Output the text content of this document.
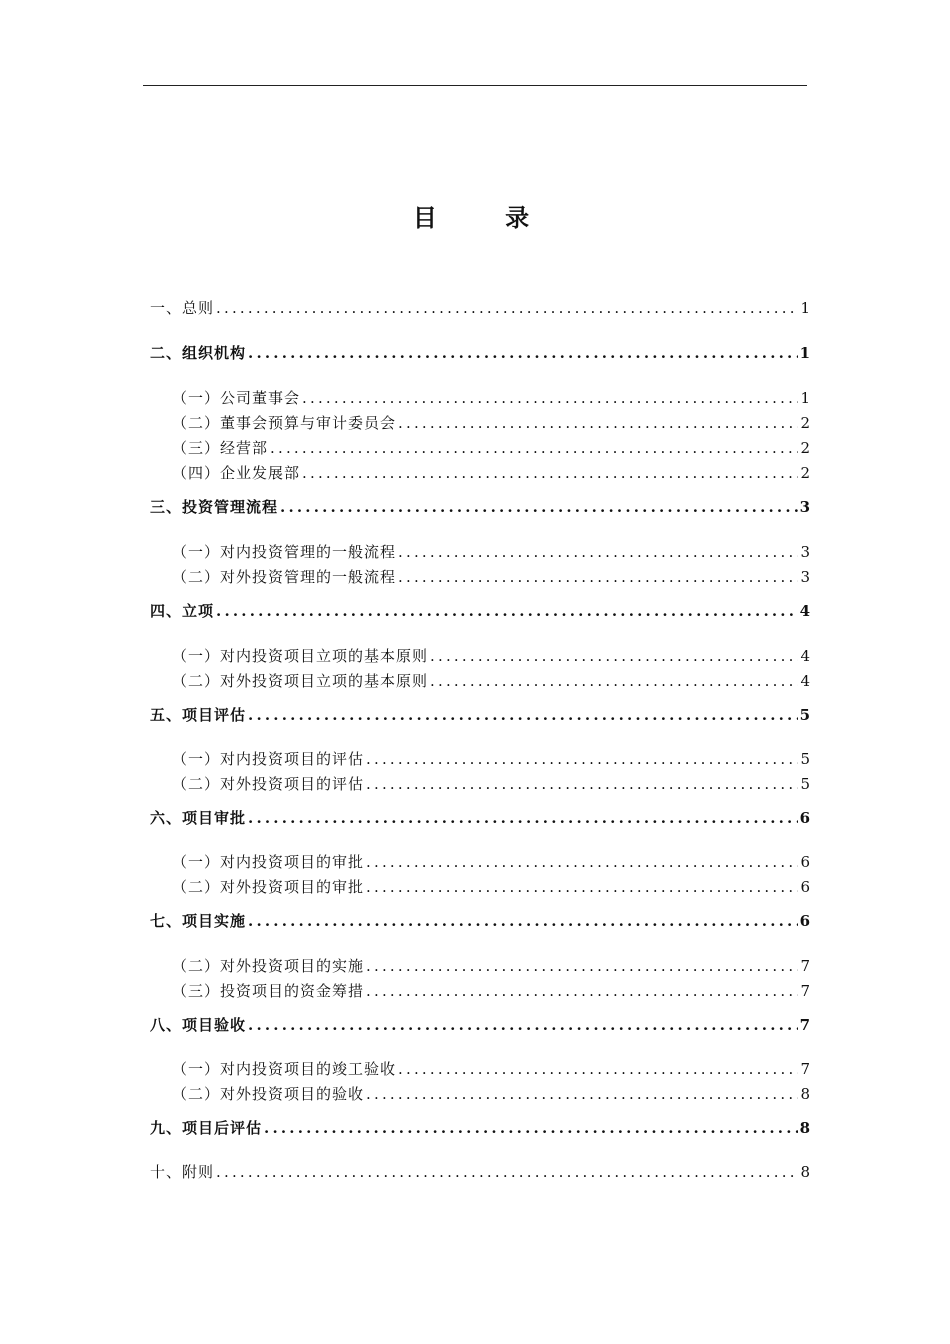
目 录
一、总则 .....	1
二、组织机构 .....	1
（一）公司董事会 .....	1
（二）董事会预算与审计委员会 .....	2
（三）经营部 .....	2
（四）企业发展部 .....	2
三、投资管理流程 .....	3
（一）对内投资管理的一般流程 .....	3
（二）对外投资管理的一般流程 .....	3
四、立项 .....	4
（一）对内投资项目立项的基本原则 .....	4
（二）对外投资项目立项的基本原则 .....	4
五、项目评估 .....	5
（一）对内投资项目的评估 .....	5
（二）对外投资项目的评估 .....	5
六、项目审批 .....	6
（一）对内投资项目的审批 .....	6
（二）对外投资项目的审批 .....	6
七、项目实施 .....	6
（二）对外投资项目的实施 .....	7
（三）投资项目的资金筹措 .....	7
八、项目验收 .....	7
（一）对内投资项目的竣工验收 .....	7
（二）对外投资项目的验收 .....	8
九、项目后评估 .....	8
十、附则 .....	8
